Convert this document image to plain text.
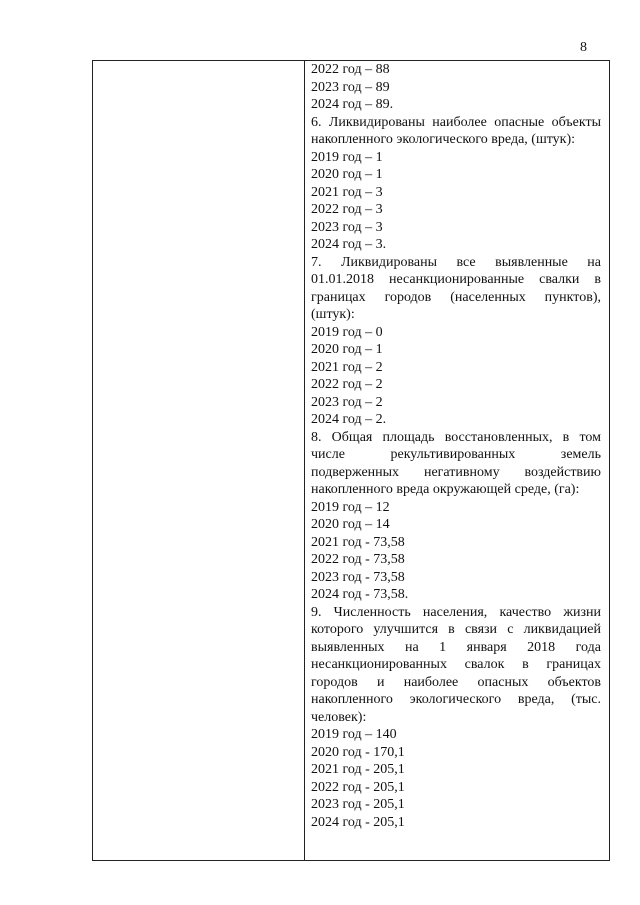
8
2022 год – 88
2023 год – 89
2024 год – 89.
6. Ликвидированы наиболее опасные объекты накопленного экологического вреда, (штук):
2019 год – 1
2020 год – 1
2021 год – 3
2022 год – 3
2023 год – 3
2024 год – 3.
7. Ликвидированы все выявленные на 01.01.2018 несанкционированные свалки в границах городов (населенных пунктов), (штук):
2019 год – 0
2020 год – 1
2021 год – 2
2022 год – 2
2023 год – 2
2024 год – 2.
8. Общая площадь восстановленных, в том числе рекультивированных земель подверженных негативному воздействию накопленного вреда окружающей среде, (га):
2019 год – 12
2020 год – 14
2021 год - 73,58
2022 год - 73,58
2023 год - 73,58
2024 год - 73,58.
9. Численность населения, качество жизни которого улучшится в связи с ликвидацией выявленных на 1 января 2018 года несанкционированных свалок в границах городов и наиболее опасных объектов накопленного экологического вреда, (тыс. человек):
2019 год – 140
2020 год - 170,1
2021 год - 205,1
2022 год - 205,1
2023 год - 205,1
2024 год - 205,1
